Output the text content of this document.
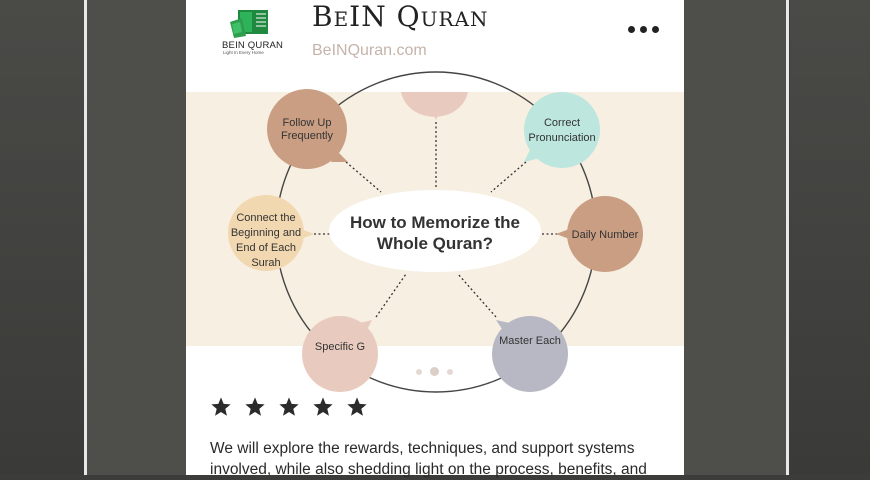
BEIN QURAN
Light In Every Home
BeIN Quran
BeINQuran.com
How to Memorize the
Whole Quran?
Follow Up
Frequently
Correct
Pronunciation
Daily Number
Connect the
Beginning and
End of Each
Surah
Master Each
Specific G

We will explore the rewards, techniques, and support systems involved, while also shedding light on the process, benefits, and
